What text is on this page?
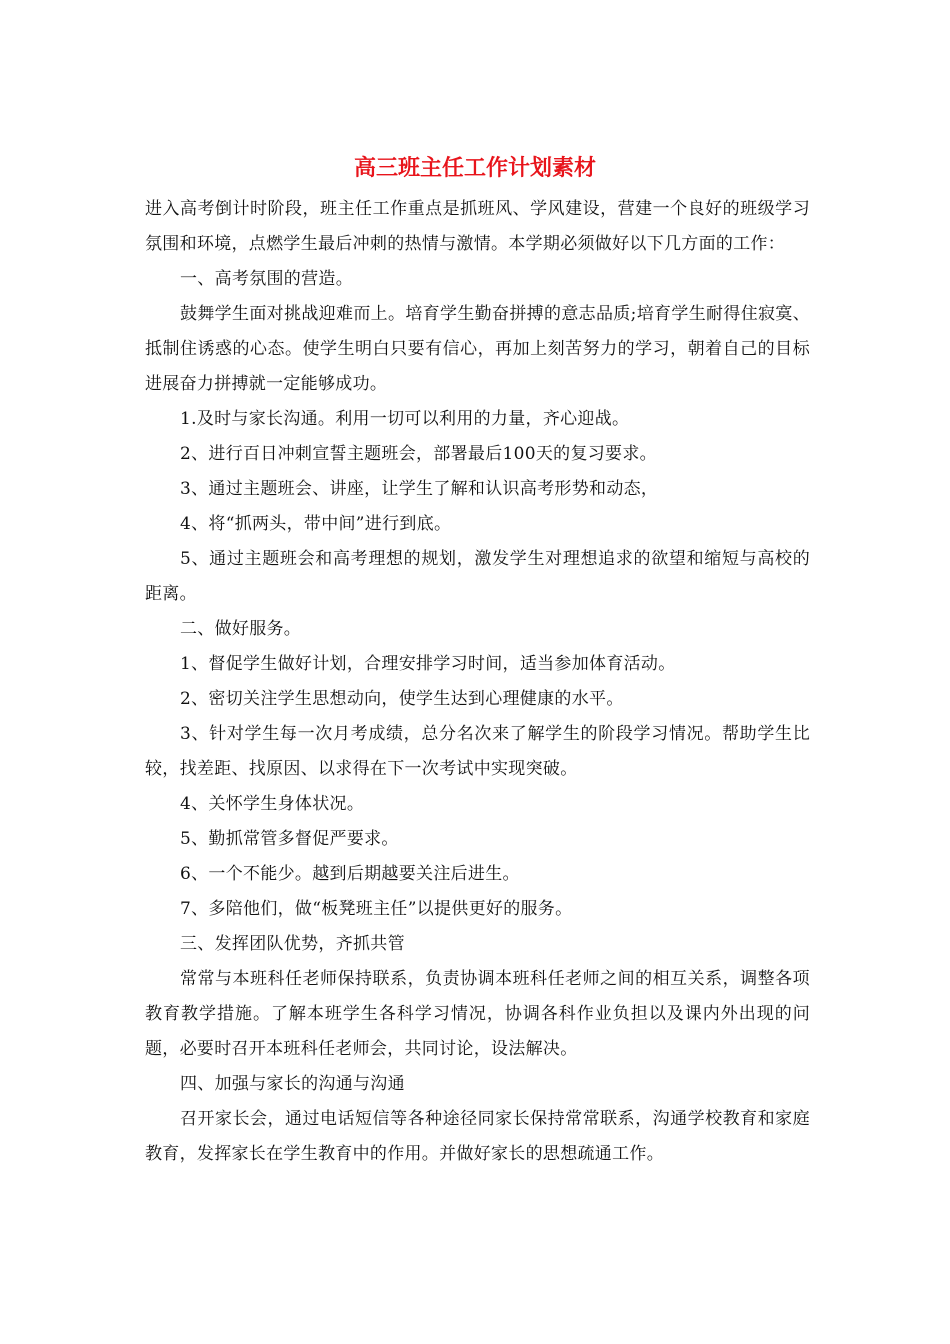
高三班主任工作计划素材

进入高考倒计时阶段，班主任工作重点是抓班风、学风建设，营建一个良好的班级学习氛围和环境，点燃学生最后冲刺的热情与激情。本学期必须做好以下几方面的工作：

一、高考氛围的营造。

鼓舞学生面对挑战迎难而上。培育学生勤奋拼搏的意志品质;培育学生耐得住寂寞、抵制住诱惑的心态。使学生明白只要有信心，再加上刻苦努力的学习，朝着自己的目标进展奋力拼搏就一定能够成功。

1.及时与家长沟通。利用一切可以利用的力量，齐心迎战。

2、进行百日冲刺宣誓主题班会，部署最后100天的复习要求。

3、通过主题班会、讲座，让学生了解和认识高考形势和动态，

4、将“抓两头，带中间”进行到底。

5、通过主题班会和高考理想的规划，激发学生对理想追求的欲望和缩短与高校的距离。

二、做好服务。

1、督促学生做好计划，合理安排学习时间，适当参加体育活动。

2、密切关注学生思想动向，使学生达到心理健康的水平。

3、针对学生每一次月考成绩，总分名次来了解学生的阶段学习情况。帮助学生比较，找差距、找原因、以求得在下一次考试中实现突破。

4、关怀学生身体状况。

5、勤抓常管多督促严要求。

6、一个不能少。越到后期越要关注后进生。

7、多陪他们，做“板凳班主任”以提供更好的服务。

三、发挥团队优势，齐抓共管

常常与本班科任老师保持联系，负责协调本班科任老师之间的相互关系，调整各项教育教学措施。了解本班学生各科学习情况，协调各科作业负担以及课内外出现的问题，必要时召开本班科任老师会，共同讨论，设法解决。

四、加强与家长的沟通与沟通

召开家长会，通过电话短信等各种途径同家长保持常常联系，沟通学校教育和家庭教育，发挥家长在学生教育中的作用。并做好家长的思想疏通工作。
